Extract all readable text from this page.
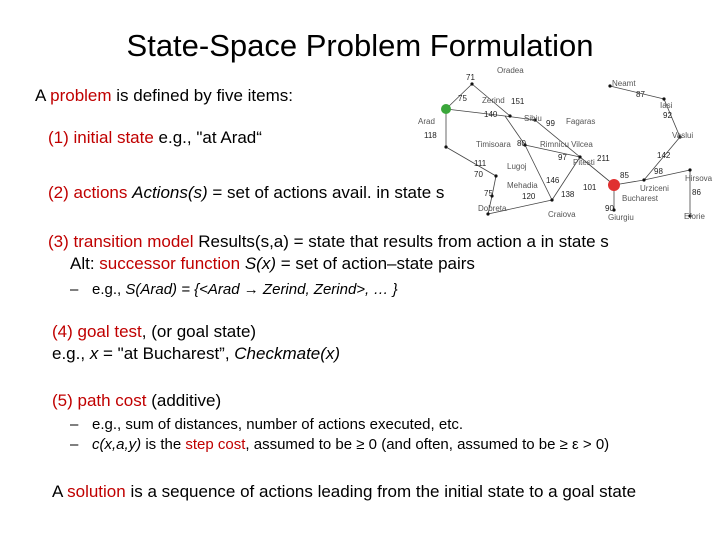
State-Space Problem Formulation
Oradea
Neamt
Zerind
Iasi
Arad	Sibiu	Fagaras
Vaslui
Timisoara	Rimnicu Vilcea
Lugoj	Pitesti
Hirsova
Mehadia	Urziceni
Bucharest
Dobreta
Craiova	Giurgiu	Eforie
71
87
75	151
92
140
99
118
80
142
111
97	211
70
146
101
85	98
86
75	120	138
90
A problem is defined by five items:
(1) initial state e.g., "at Arad“
(2) actions Actions(s) = set of actions avail. in state s
(3) transition model Results(s,a) = state that results from action a in state s
Alt: successor function S(x) = set of action–state pairs
– e.g., S(Arad) = {<Arad → Zerind, Zerind>, … }
(4) goal test, (or goal state)
e.g., x = "at Bucharest”, Checkmate(x)
(5) path cost (additive)
– e.g., sum of distances, number of actions executed, etc.
– c(x,a,y) is the step cost, assumed to be ≥ 0 (and often, assumed to be ≥ ε > 0)
A solution is a sequence of actions leading from the initial state to a goal state
